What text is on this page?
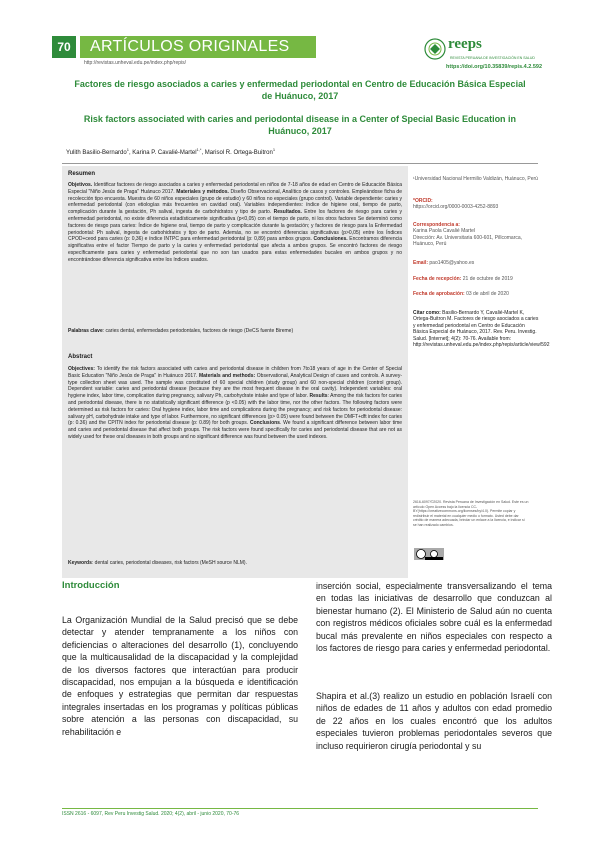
70	ARTÍCULOS ORIGINALES
http://revistas.unheval.edu.pe/index.php/repis/
reeps
REVISTA PERUANA DE INVESTIGACIÓN EN SALUD
https://doi.org/10.35839/repis.4.2.592
Factores de riesgo asociados a caries y enfermedad periodontal en Centro de Educación Básica Especial de Huánuco, 2017
Risk factors associated with caries and periodontal disease in a Center of Special Basic Education in Huánuco, 2017
Yulith Basilio-Bernardo$^1$, Karina P. Cavalié-Martel$^{1,*}$, Marisol R. Ortega-Buitron$^1$
Resumen
Objetivos. Identificar factores de riesgo asociados a caries y enfermedad periodontal en niños de 7-18 años de edad en Centro de Educación Básica Especial "Niño Jesús de Praga" Huánuco 2017. Materiales y métodos. Diseño Observacional, Analítico de casos y controles. Empleándose ficha de recolección tipo encuesta. Muestra de 60 niños especiales (grupo de estudio) y 60 niños no especiales (grupo control). Variable dependiente: caries y enfermedad periodontal (con etiologías más frecuentes en cavidad oral). Variables independientes: índice de higiene oral, tiempo de parto, complicación durante la gestación, Ph salival, ingesta de carbohidratos y tipo de parto. Resultados. Entre los factores de riesgo para caries y enfermedad periodontal, no existe diferencia estadísticamente significativa (p<0,05) con el tiempo de parto, ni los otros factores Se determinó como factores de riesgo para caries: Índice de higiene oral, tiempo de parto y complicación durante la gestación; y factores de riesgo para la Enfermedad periodontal: Ph salival, ingesta de carbohidratos y tipo de parto. Además, no se encontró diferencias significativas (p>0,05) entre los Índices CPOD+ceod para caries (p: 0,36) e índice INTPC para enfermedad periodontal (p: 0,89) para ambos grupos. Conclusiones. Encontramos diferencia significativa entre el factor Tiempo de parto y la caries y enfermedad periodontal que afecta a ambos grupos. Se encontró factores de riesgo específicamente para caries y enfermedad periodontal que no son tan usados para estas enfermedades bucales en ambos grupos y no encontrándose diferencia significativa entre los índices usados.
Palabras clave: caries dental, enfermedades periodontales, factores de riesgo (DeCS fuente Bireme)
Abstract
Objectives: To identify the risk factors associated with caries and periodontal disease in children from 7to18 years of age in the Center of Special Basic Education "Niño Jesús de Praga" in Huánuco 2017. Materials and methods: Observational, Analytical Design of cases and controls. A survey-type collection sheet was used. The sample was constituted of 60 special children (study group) and 60 non-special children (control group). Dependent variable: caries and periodontal disease (because they are the most frequent disease in the oral cavity). Independent variables: oral hygiene index, labor time, complication during pregnancy, salivary Ph, carbohydrate intake and type of labor. Results: Among the risk factors for caries and periodontal disease, there is no statistically significant difference (p <0.05) with the labor time, nor the other factors. The following factors were determined as risk factors for caries: Oral hygiene index, labor time and complications during the pregnancy; and risk factors for periodontal disease: salivary pH, carbohydrate intake and type of labor. Furthermore, no significant differences (p> 0.05) were found between the DMFT+dft index for caries (p: 0.36) and the CPITN index for periodontal disease (p: 0.89) for both groups. Conclusions. We found a significant difference between labor time and caries and periodontal disease that affect both groups. The risk factors were found specifically for caries and periodontal disease that are not as widely used for these oral diseases in both groups and no significant difference was found between the used indexes.
Keywords: dental caries, periodontal diseases, risk factors (MeSH source NLM).
¹Universidad Nacional Hermilio Valdizán, Huánuco, Perú
*ORCID:
https://orcid.org/0000-0003-4252-8893
Correspondencia a:
Karina Paola Cavalié Martel
Dirección: Av. Universitaria 600-601, Pillcomarca, Huánuco, Perú
Email: pao1405@yahoo.es
Fecha de recepción: 21 de octubre de 2019
Fecha de aprobación: 03 de abril de 2020
Citar como: Basilio-Bernardo Y, Cavalié-Martel K, Ortega-Buitron M. Factores de riesgo asociados a caries y enfermedad periodontal en Centro de Educación Básica Especial de Huánuco, 2017. Rev. Peru. Investig. Salud. [Internet]; 4(2): 70-76. Available from: http://revistas.unheval.edu.pe/index.php/repis/article/view/592
2616-6097/©2020. Revista Peruana de Investigación en Salud. Este es un artículo Open Access bajo la licencia CC-BY(https://creativecommons.org/licenses/by/4.0). Permite copiar y redistribuir el material en cualquier medio o formato. Usted debe dar crédito de manera adecuada, brindar un enlace a la licencia, e indicar si se han realizado cambios.
Introducción
La Organización Mundial de la Salud precisó que se debe detectar y atender tempranamente a los niños con deficiencias o alteraciones del desarrollo (1), concluyendo que la multicausalidad de la discapacidad y la complejidad de los diversos factores que interactúan para producir discapacidad, nos empujan a la búsqueda e identificación de enfoques y estrategias que permitan dar respuestas integrales insertadas en los programas y políticas públicas sobre atención a las personas con discapacidad, su rehabilitación e
inserción social, especialmente transversalizando el tema en todas las iniciativas de desarrollo que conduzcan al bienestar humano (2). El Ministerio de Salud aún no cuenta con registros médicos oficiales sobre cuál es la enfermedad bucal más prevalente en niños especiales con respecto a los factores de riesgo para caries y enfermedad periodontal.
Shapira et al.(3) realizo un estudio en población Israelí con niños de edades de 11 años y adultos con edad promedio de 22 años en los cuales encontró que los adultos especiales tuvieron problemas periodontales severos que incluso requirieron cirugía periodontal y su
ISSN 2616 - 6097, Rev Peru Investig Salud. 2020; 4(2), abril - junio 2020, 70-76
